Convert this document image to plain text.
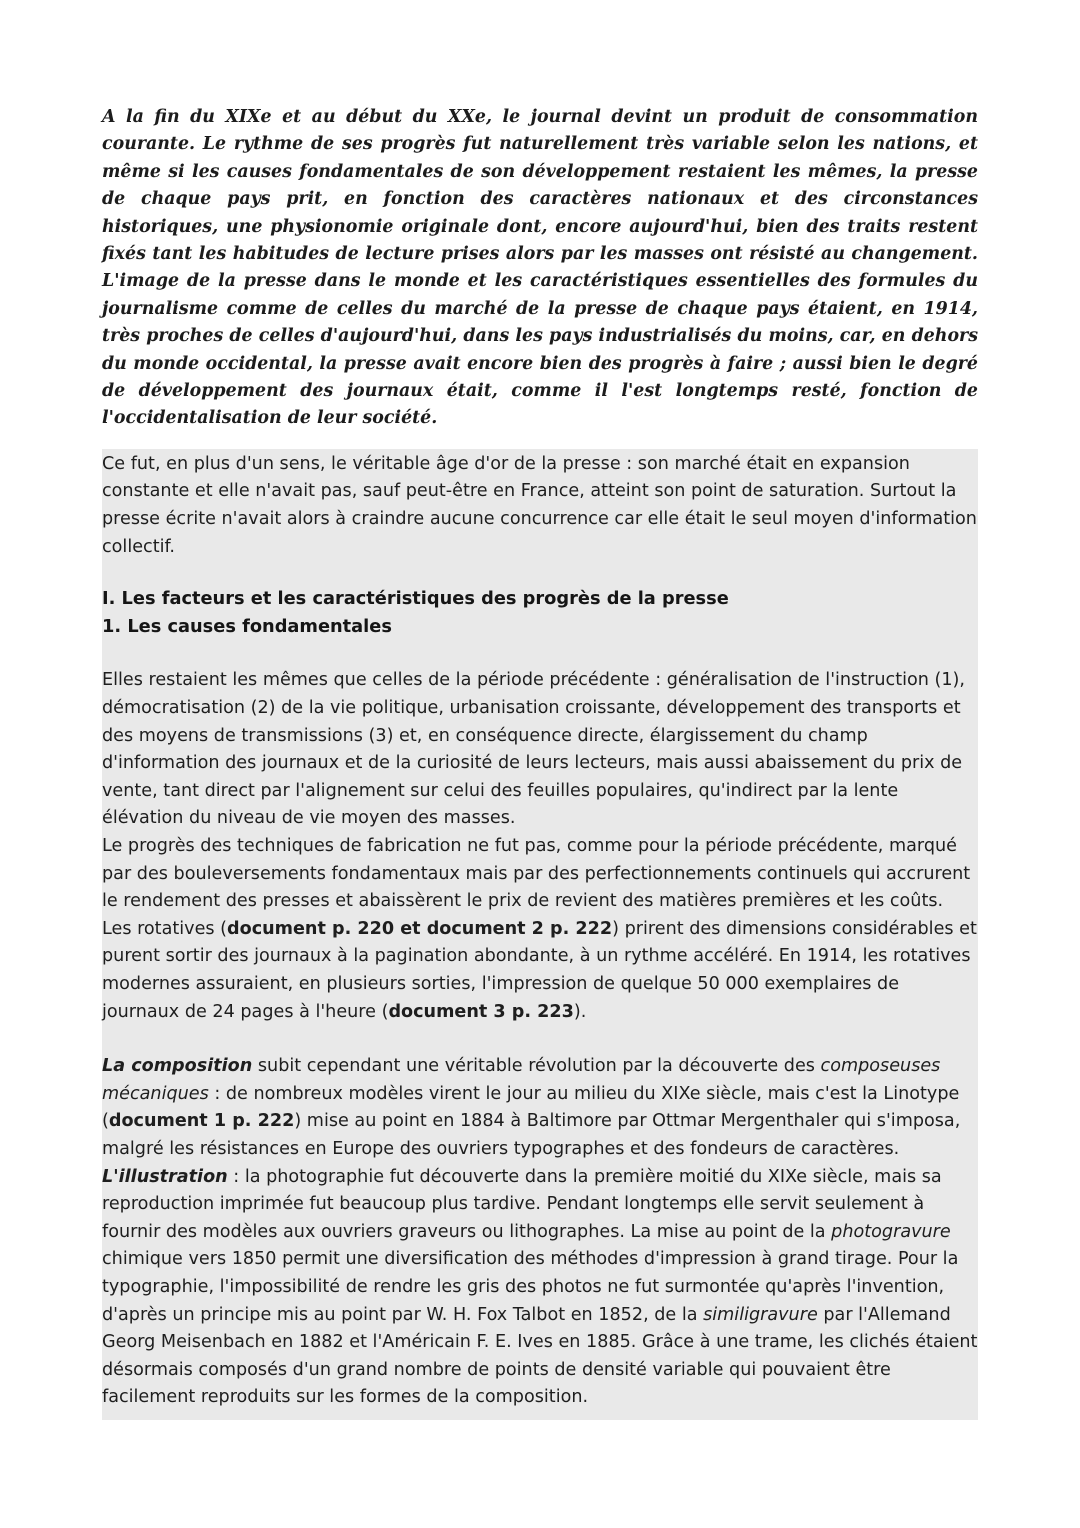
A la fin du XIXe et au début du XXe, le journal devint un produit de consommation courante. Le rythme de ses progrès fut naturellement très variable selon les nations, et même si les causes fondamentales de son développement restaient les mêmes, la presse de chaque pays prit, en fonction des caractères nationaux et des circonstances historiques, une physionomie originale dont, encore aujourd'hui, bien des traits restent fixés tant les habitudes de lecture prises alors par les masses ont résisté au changement. L'image de la presse dans le monde et les caractéristiques essentielles des formules du journalisme comme de celles du marché de la presse de chaque pays étaient, en 1914, très proches de celles d'aujourd'hui, dans les pays industrialisés du moins, car, en dehors du monde occidental, la presse avait encore bien des progrès à faire ; aussi bien le degré de développement des journaux était, comme il l'est longtemps resté, fonction de l'occidentalisation de leur société.

Ce fut, en plus d'un sens, le véritable âge d'or de la presse : son marché était en expansion constante et elle n'avait pas, sauf peut-être en France, atteint son point de saturation. Surtout la presse écrite n'avait alors à craindre aucune concurrence car elle était le seul moyen d'information collectif.

I. Les facteurs et les caractéristiques des progrès de la presse

1. Les causes fondamentales

Elles restaient les mêmes que celles de la période précédente : généralisation de l'instruction (1), démocratisation (2) de la vie politique, urbanisation croissante, développement des transports et des moyens de transmissions (3) et, en conséquence directe, élargissement du champ d'information des journaux et de la curiosité de leurs lecteurs, mais aussi abaissement du prix de vente, tant direct par l'alignement sur celui des feuilles populaires, qu'indirect par la lente élévation du niveau de vie moyen des masses.

Le progrès des techniques de fabrication ne fut pas, comme pour la période précédente, marqué par des bouleversements fondamentaux mais par des perfectionnements continuels qui accrurent le rendement des presses et abaissèrent le prix de revient des matières premières et les coûts. Les rotatives (document p. 220 et document 2 p. 222) prirent des dimensions considérables et purent sortir des journaux à la pagination abondante, à un rythme accéléré. En 1914, les rotatives modernes assuraient, en plusieurs sorties, l'impression de quelque 50 000 exemplaires de journaux de 24 pages à l'heure (document 3 p. 223).

La composition subit cependant une véritable révolution par la découverte des composeuses mécaniques : de nombreux modèles virent le jour au milieu du XIXe siècle, mais c'est la Linotype (document 1 p. 222) mise au point en 1884 à Baltimore par Ottmar Mergenthaler qui s'imposa, malgré les résistances en Europe des ouvriers typographes et des fondeurs de caractères.

L'illustration : la photographie fut découverte dans la première moitié du XIXe siècle, mais sa reproduction imprimée fut beaucoup plus tardive. Pendant longtemps elle servit seulement à fournir des modèles aux ouvriers graveurs ou lithographes. La mise au point de la photogravure chimique vers 1850 permit une diversification des méthodes d'impression à grand tirage. Pour la typographie, l'impossibilité de rendre les gris des photos ne fut surmontée qu'après l'invention, d'après un principe mis au point par W. H. Fox Talbot en 1852, de la similigravure par l'Allemand Georg Meisenbach en 1882 et l'Américain F. E. Ives en 1885. Grâce à une trame, les clichés étaient désormais composés d'un grand nombre de points de densité variable qui pouvaient être facilement reproduits sur les formes de la composition.
